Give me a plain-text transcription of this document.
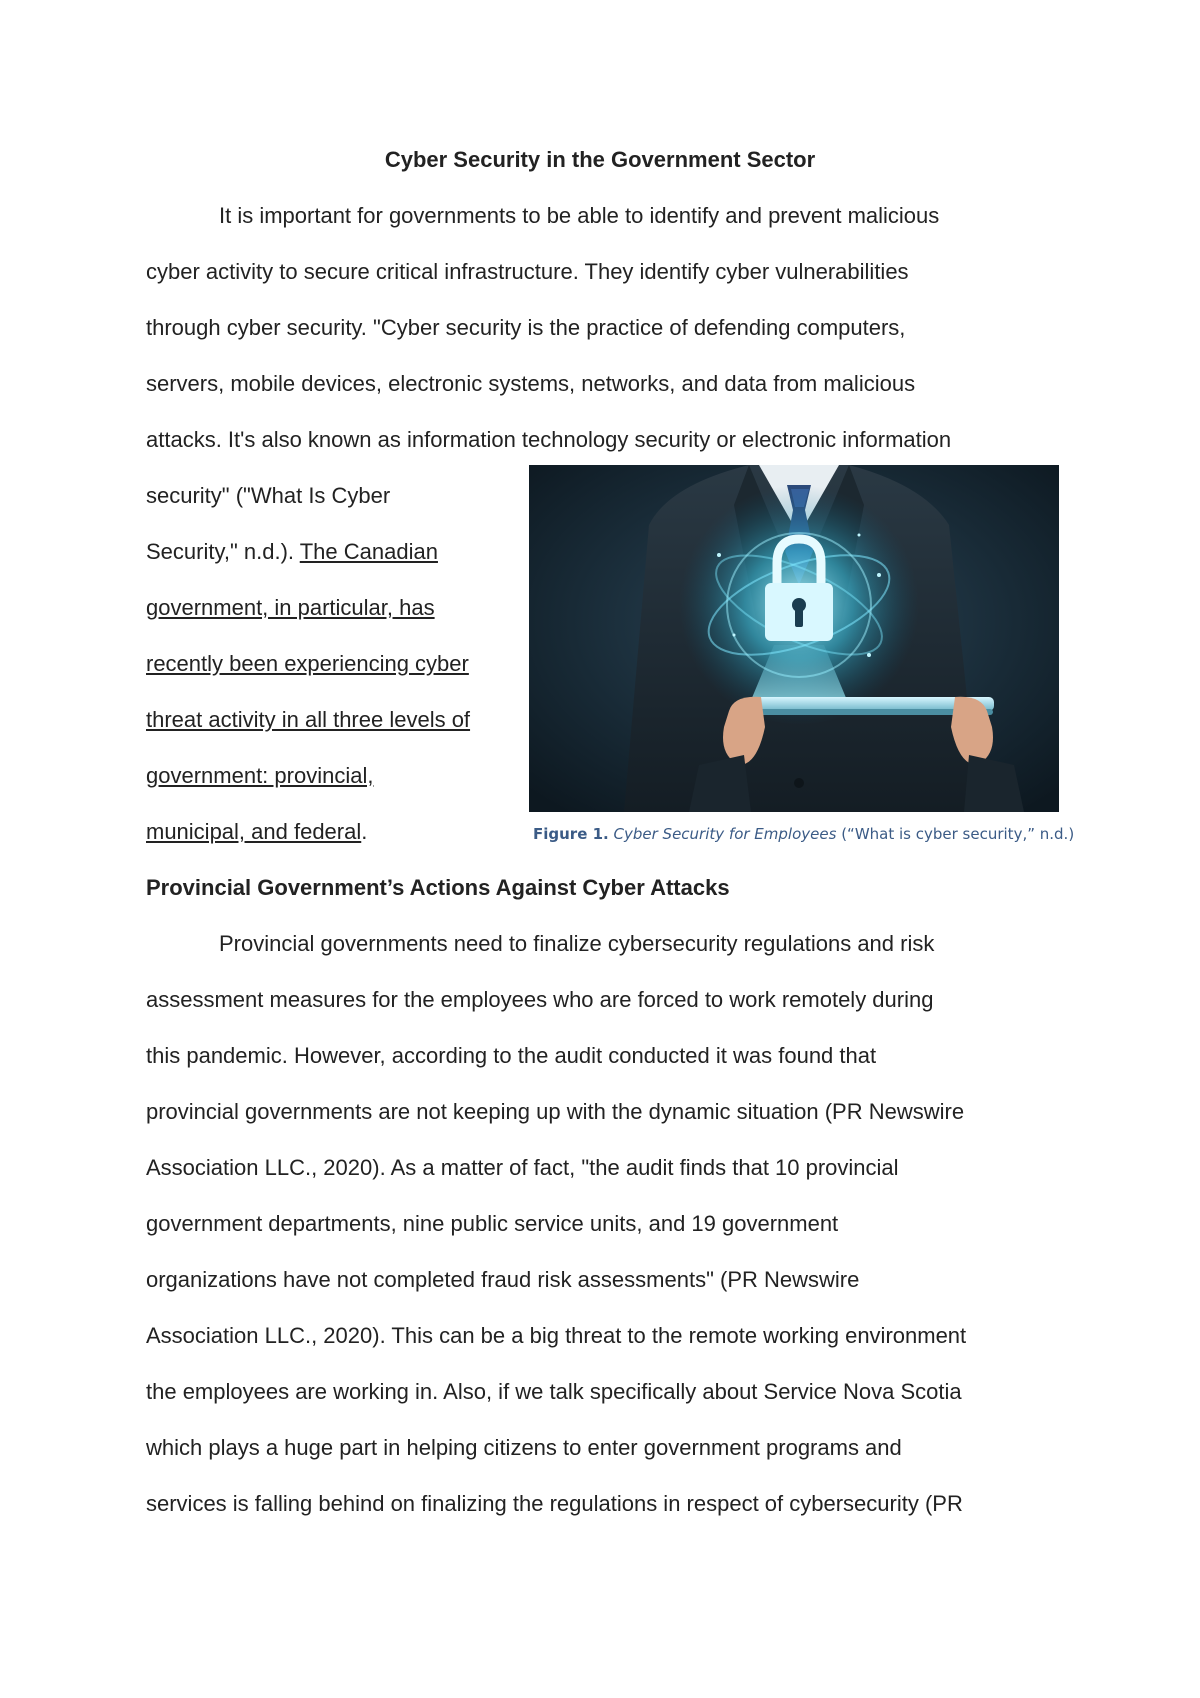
Cyber Security in the Government Sector

It is important for governments to be able to identify and prevent malicious

cyber activity to secure critical infrastructure. They identify cyber vulnerabilities

through cyber security. "Cyber security is the practice of defending computers,

servers, mobile devices, electronic systems, networks, and data from malicious

attacks. It's also known as information technology security or electronic information

security" ("What Is Cyber

Security," n.d.). The Canadian

government, in particular, has

recently been experiencing cyber

threat activity in all three levels of

government: provincial,

municipal, and federal.	Figure 1. Cyber Security for Employees (“What is cyber security,” n.d.)
Provincial Government’s Actions Against Cyber Attacks

Provincial governments need to finalize cybersecurity regulations and risk

assessment measures for the employees who are forced to work remotely during

this pandemic. However, according to the audit conducted it was found that

provincial governments are not keeping up with the dynamic situation (PR Newswire

Association LLC., 2020). As a matter of fact, "the audit finds that 10 provincial

government departments, nine public service units, and 19 government

organizations have not completed fraud risk assessments" (PR Newswire

Association LLC., 2020). This can be a big threat to the remote working environment

the employees are working in. Also, if we talk specifically about Service Nova Scotia

which plays a huge part in helping citizens to enter government programs and

services is falling behind on finalizing the regulations in respect of cybersecurity (PR
